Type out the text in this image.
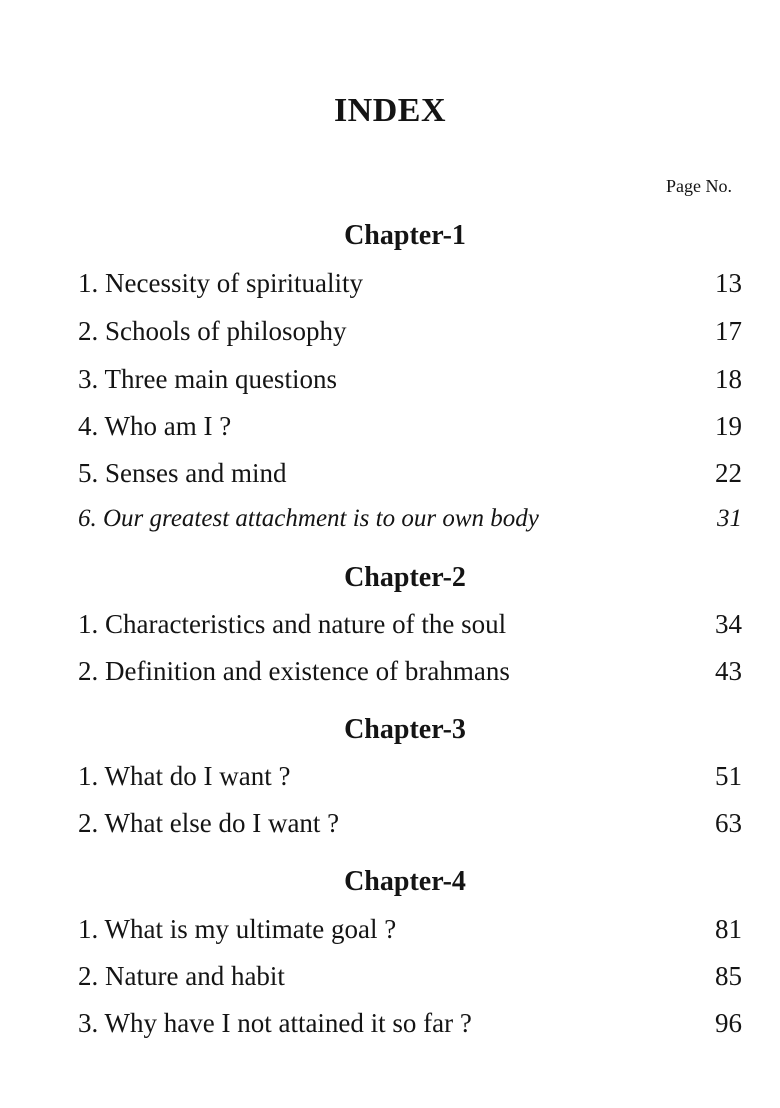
INDEX
Page No.
Chapter-1
1. Necessity of spirituality	13
2. Schools of philosophy	17
3. Three main questions	18
4. Who am I ?	19
5. Senses and mind	22
6. Our greatest attachment is to our own body	31
Chapter-2
1. Characteristics and nature of the soul	34
2. Definition and existence of brahmans	43
Chapter-3
1. What do I want ?	51
2. What else do I want ?	63
Chapter-4
1. What is my ultimate goal ?	81
2. Nature and habit	85
3. Why have I not attained it so far ?	96
